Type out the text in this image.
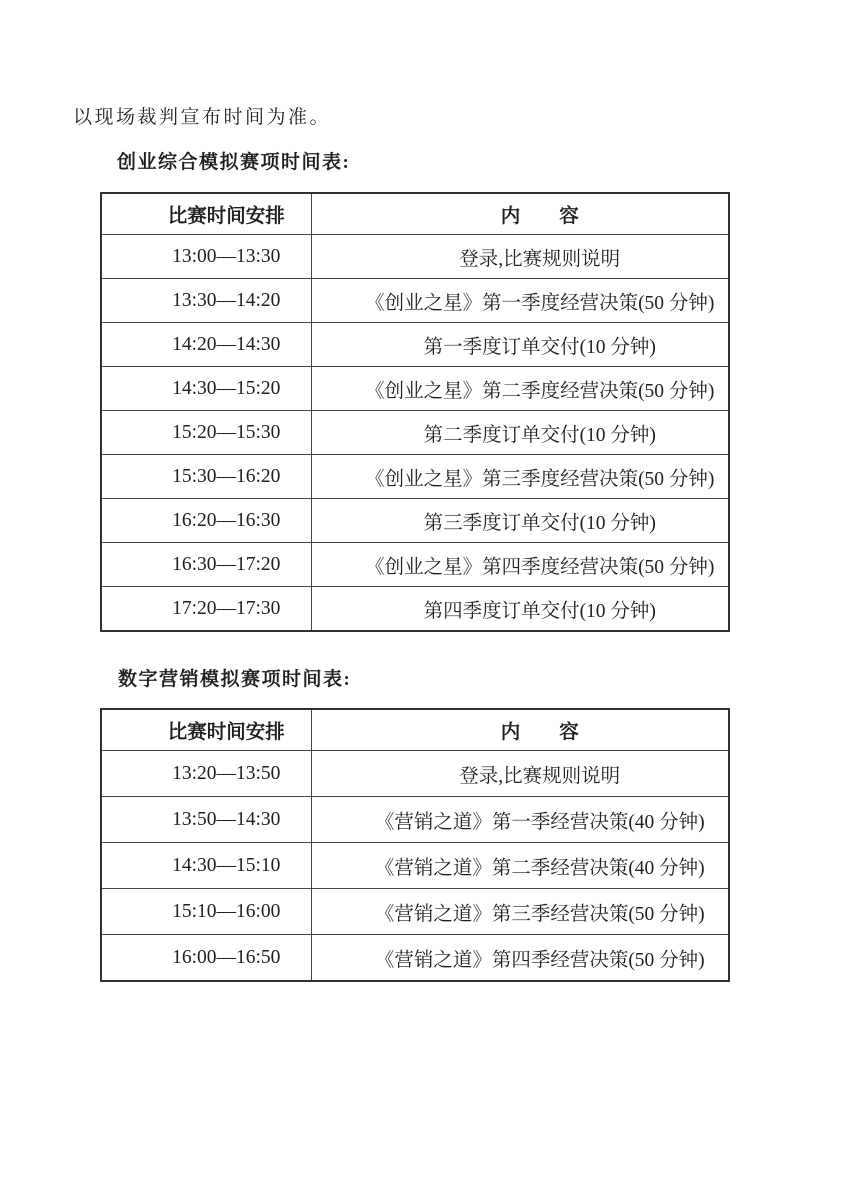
以现场裁判宣布时间为准。

创业综合模拟赛项时间表:
比赛时间安排	内　　容
13:00—13:30	登录,比赛规则说明
13:30—14:20	《创业之星》第一季度经营决策(50 分钟)
14:20—14:30	第一季度订单交付(10 分钟)
14:30—15:20	《创业之星》第二季度经营决策(50 分钟)
15:20—15:30	第二季度订单交付(10 分钟)
15:30—16:20	《创业之星》第三季度经营决策(50 分钟)
16:20—16:30	第三季度订单交付(10 分钟)
16:30—17:20	《创业之星》第四季度经营决策(50 分钟)
17:20—17:30	第四季度订单交付(10 分钟)
数字营销模拟赛项时间表:
比赛时间安排	内　　容
13:20—13:50	登录,比赛规则说明
13:50—14:30	《营销之道》第一季经营决策(40 分钟)
14:30—15:10	《营销之道》第二季经营决策(40 分钟)
15:10—16:00	《营销之道》第三季经营决策(50 分钟)
16:00—16:50	《营销之道》第四季经营决策(50 分钟)
